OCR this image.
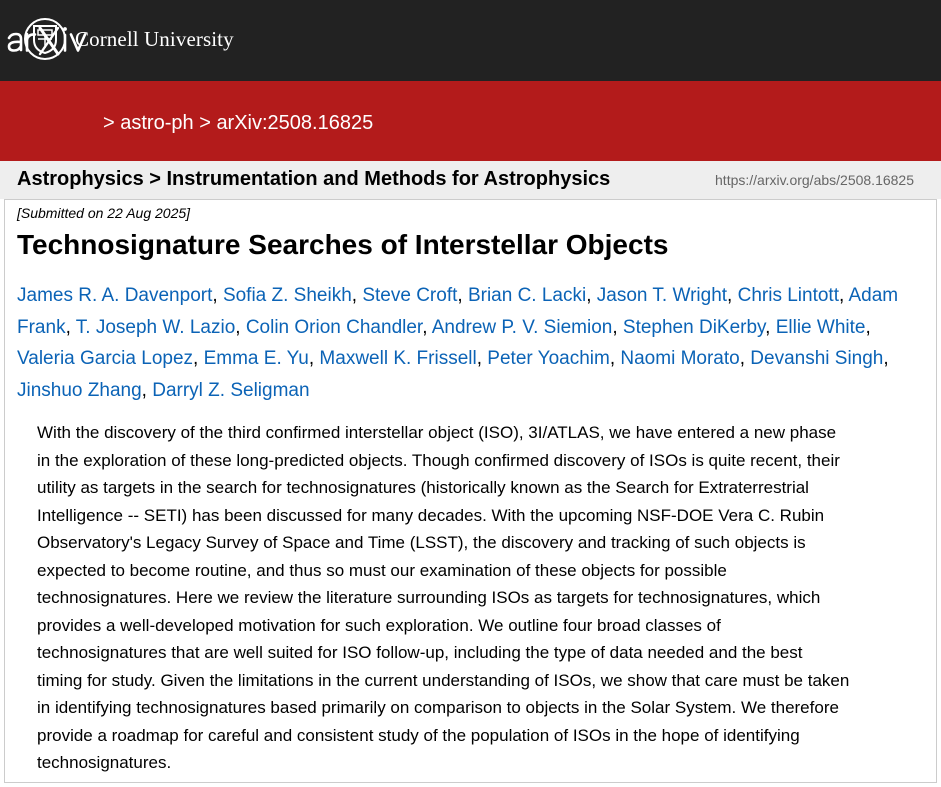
Cornell University
> astro-ph > arXiv:2508.16825
Astrophysics > Instrumentation and Methods for Astrophysics	https://arxiv.org/abs/2508.16825
[Submitted on 22 Aug 2025]
Technosignature Searches of Interstellar Objects
James R. A. Davenport, Sofia Z. Sheikh, Steve Croft, Brian C. Lacki, Jason T. Wright, Chris Lintott, Adam Frank, T. Joseph W. Lazio, Colin Orion Chandler, Andrew P. V. Siemion, Stephen DiKerby, Ellie White, Valeria Garcia Lopez, Emma E. Yu, Maxwell K. Frissell, Peter Yoachim, Naomi Morato, Devanshi Singh, Jinshuo Zhang, Darryl Z. Seligman
With the discovery of the third confirmed interstellar object (ISO), 3I/ATLAS, we have entered a new phase
in the exploration of these long-predicted objects. Though confirmed discovery of ISOs is quite recent, their
utility as targets in the search for technosignatures (historically known as the Search for Extraterrestrial
Intelligence -- SETI) has been discussed for many decades. With the upcoming NSF-DOE Vera C. Rubin
Observatory's Legacy Survey of Space and Time (LSST), the discovery and tracking of such objects is
expected to become routine, and thus so must our examination of these objects for possible
technosignatures. Here we review the literature surrounding ISOs as targets for technosignatures, which
provides a well-developed motivation for such exploration. We outline four broad classes of
technosignatures that are well suited for ISO follow-up, including the type of data needed and the best
timing for study. Given the limitations in the current understanding of ISOs, we show that care must be taken
in identifying technosignatures based primarily on comparison to objects in the Solar System. We therefore
provide a roadmap for careful and consistent study of the population of ISOs in the hope of identifying
technosignatures.
